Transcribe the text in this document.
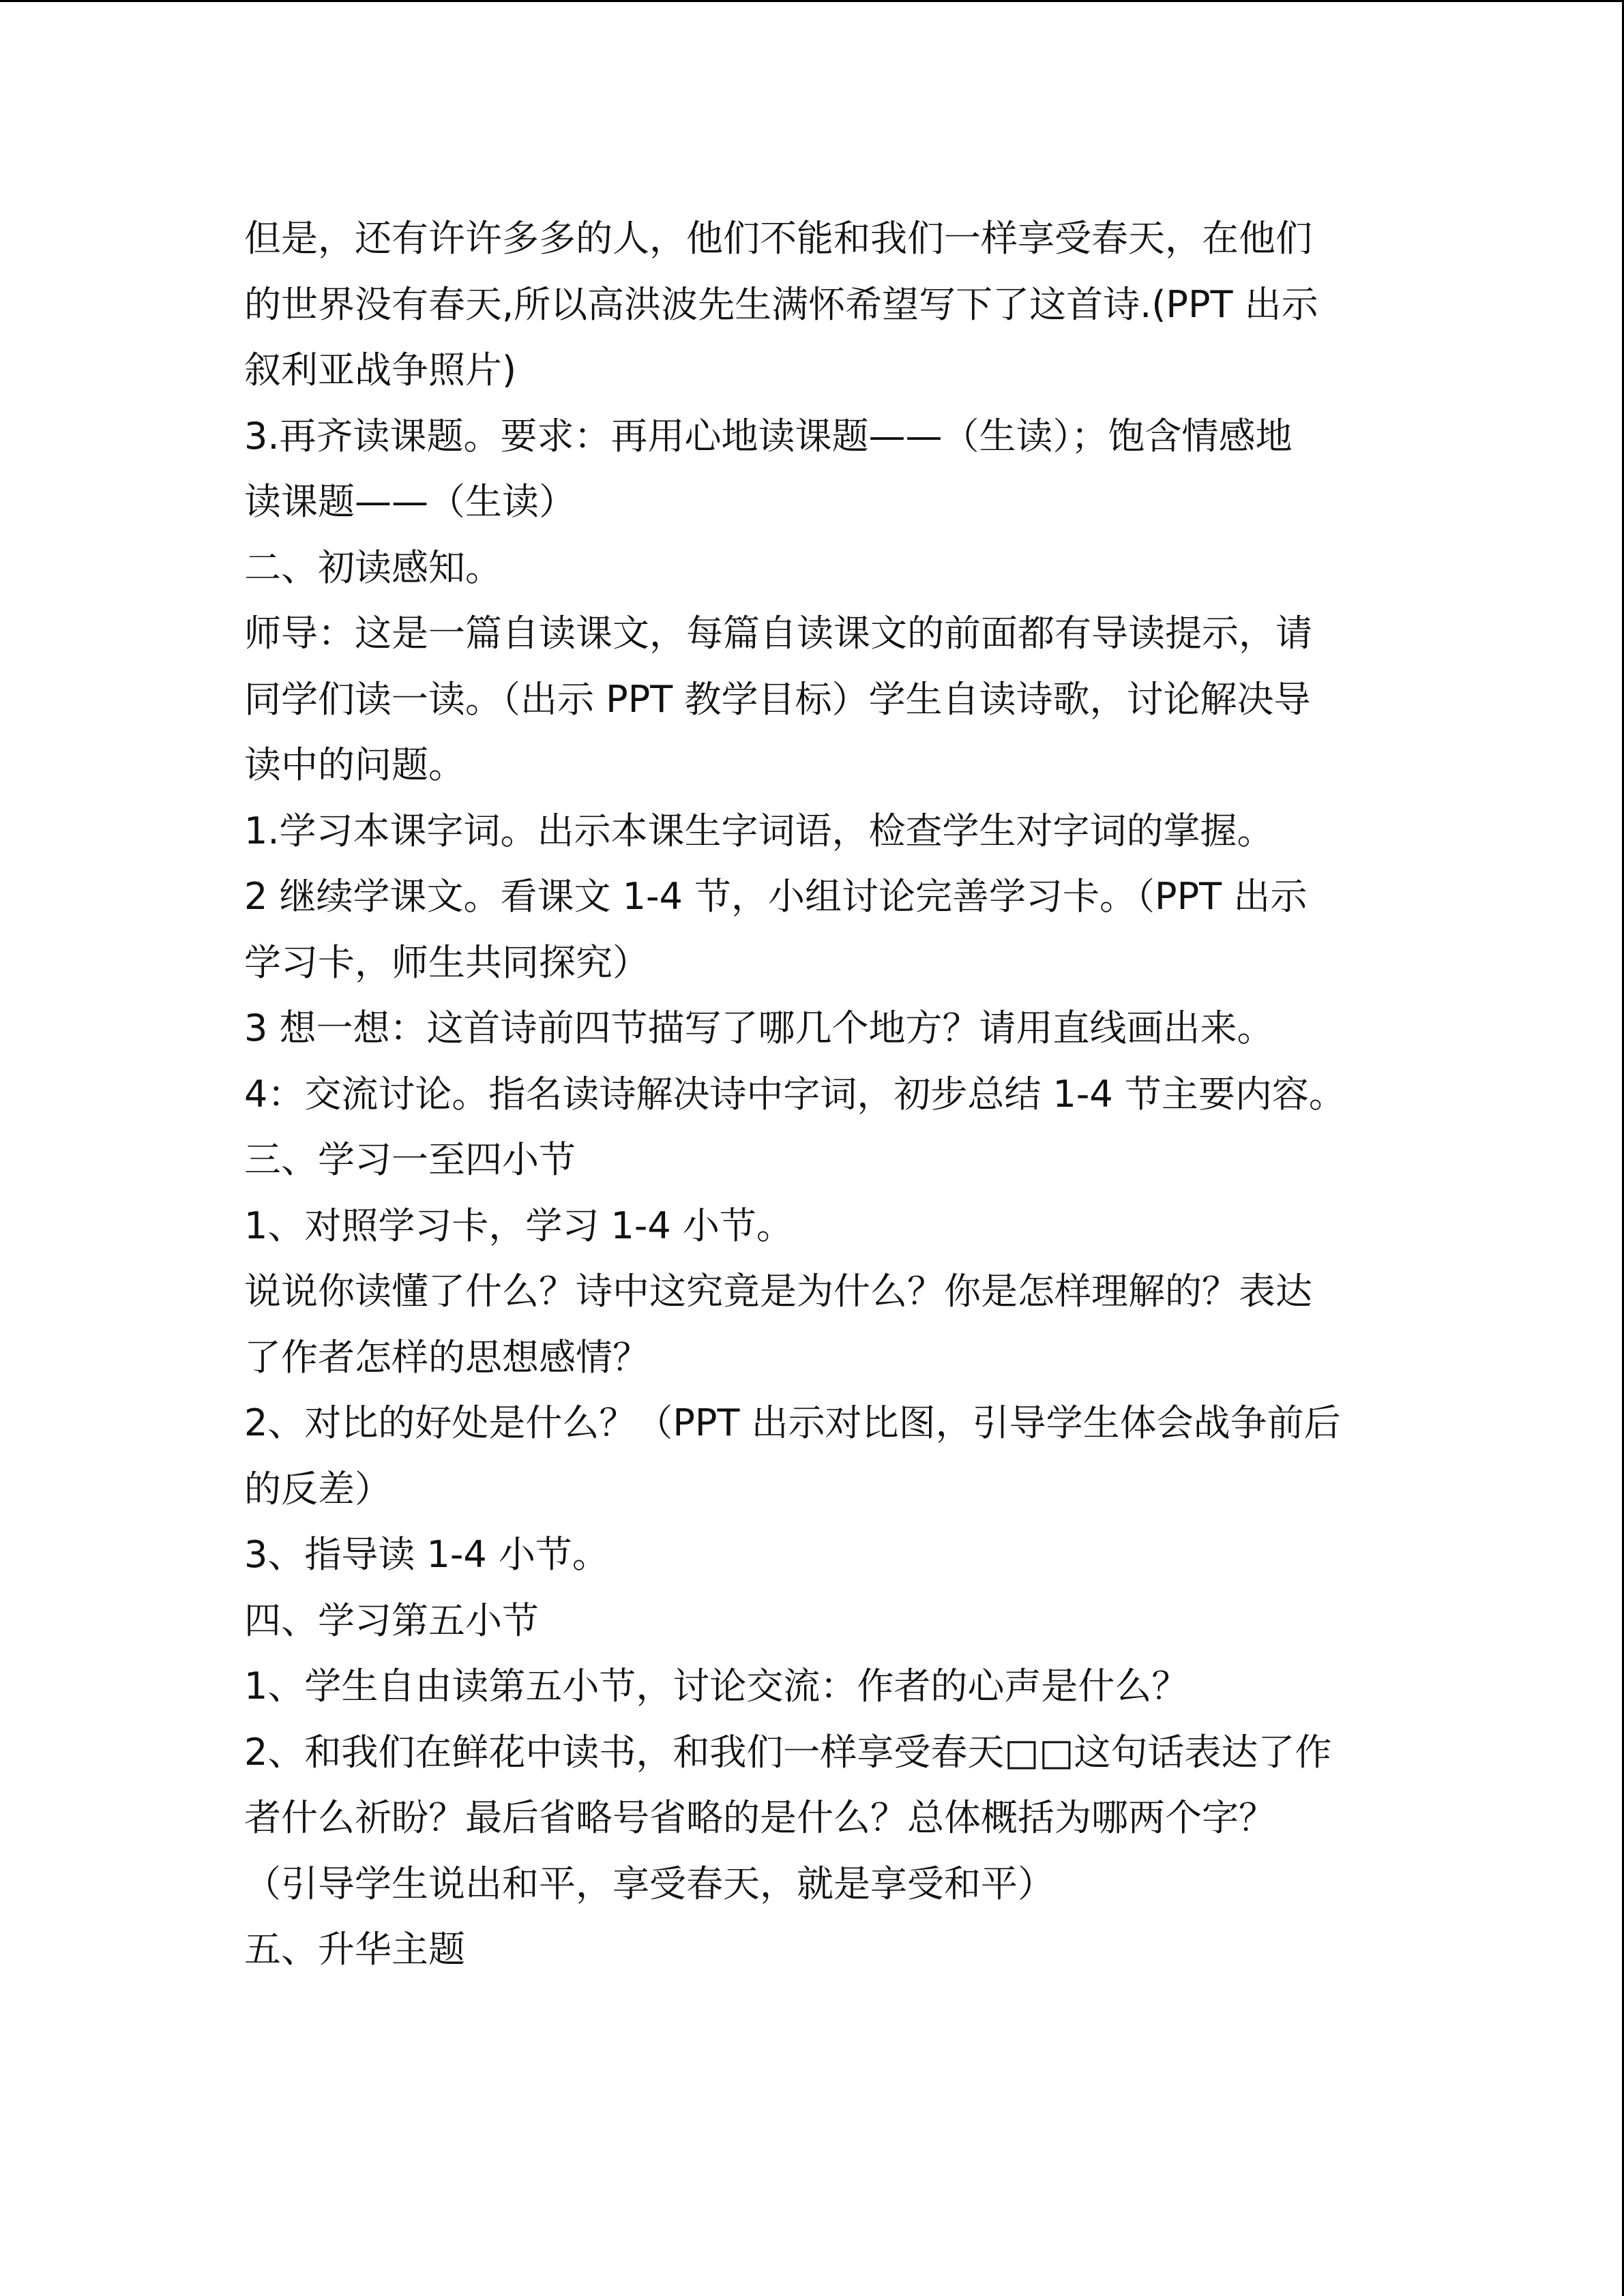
但是，还有许许多多的人，他们不能和我们一样享受春天，在他们
的世界没有春天,所以高洪波先生满怀希望写下了这首诗.(PPT 出示
叙利亚战争照片)
3.再齐读课题。要求：再用心地读课题——（生读）；饱含情感地
读课题——（生读）
二、初读感知。
师导：这是一篇自读课文，每篇自读课文的前面都有导读提示，请
同学们读一读。（出示 PPT 教学目标）学生自读诗歌，讨论解决导
读中的问题。
1.学习本课字词。出示本课生字词语，检查学生对字词的掌握。
2 继续学课文。看课文 1-4 节，小组讨论完善学习卡。（PPT 出示
学习卡，师生共同探究）
3 想一想：这首诗前四节描写了哪几个地方？请用直线画出来。
4：交流讨论。指名读诗解决诗中字词，初步总结 1-4 节主要内容。
三、学习一至四小节
1、对照学习卡，学习 1-4 小节。
说说你读懂了什么？诗中这究竟是为什么？你是怎样理解的？表达
了作者怎样的思想感情？
2、对比的好处是什么？（PPT 出示对比图，引导学生体会战争前后
的反差）
3、指导读 1-4 小节。
四、学习第五小节
1、学生自由读第五小节，讨论交流：作者的心声是什么？
2、和我们在鲜花中读书，和我们一样享受春天□□这句话表达了作
者什么祈盼？最后省略号省略的是什么？总体概括为哪两个字？
（引导学生说出和平，享受春天，就是享受和平）
五、升华主题
